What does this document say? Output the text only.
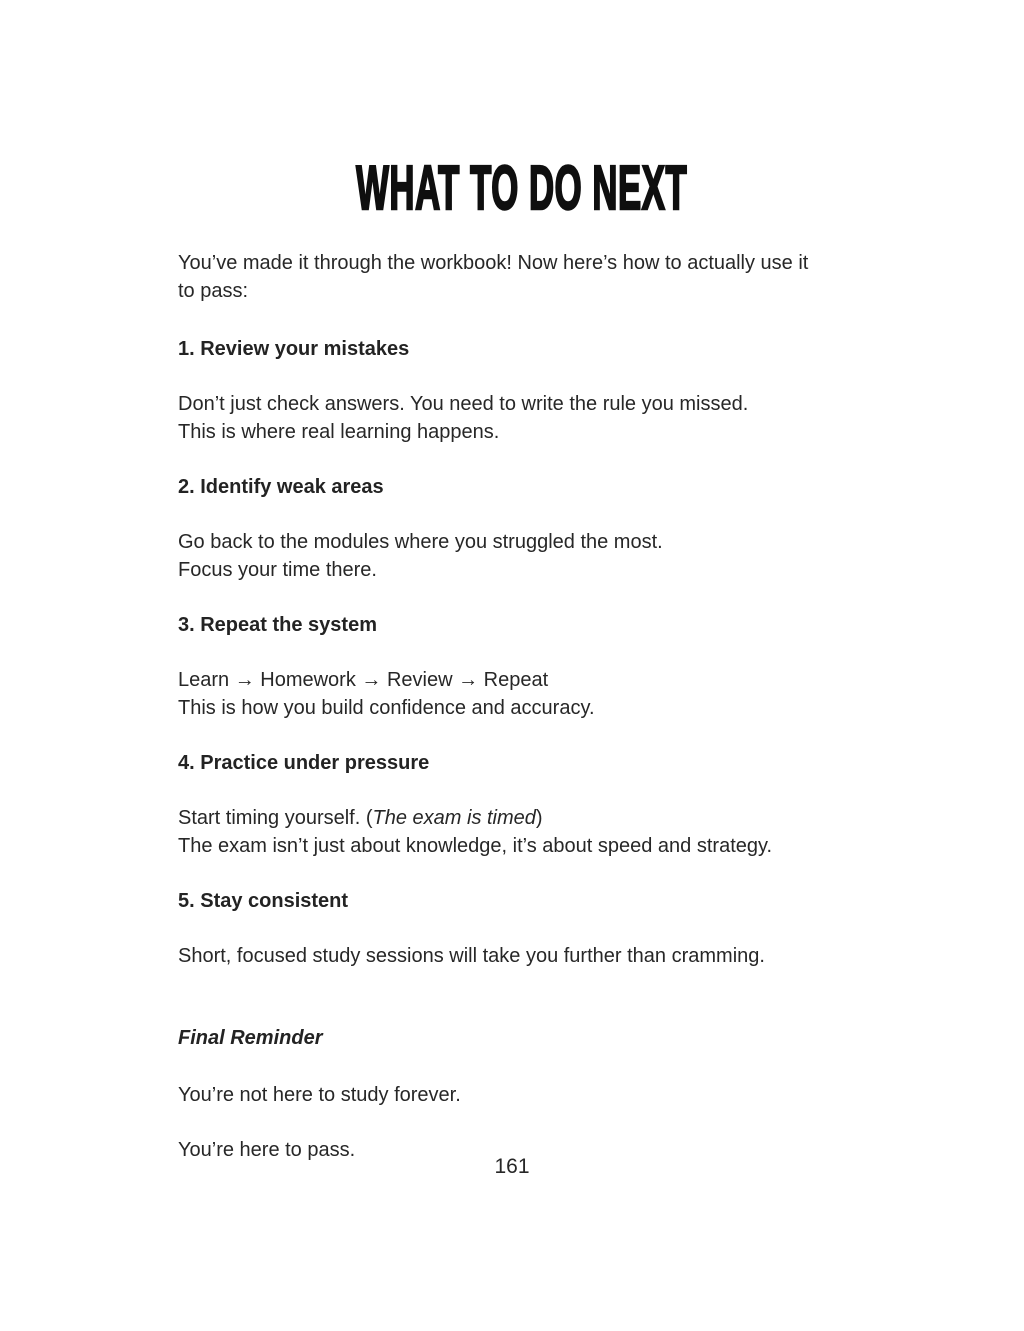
WHAT TO DO NEXT
You’ve made it through the workbook! Now here’s how to actually use it
to pass:
1. Review your mistakes
Don’t just check answers. You need to write the rule you missed.
This is where real learning happens.
2. Identify weak areas
Go back to the modules where you struggled the most.
Focus your time there.
3. Repeat the system
Learn → Homework → Review → Repeat
This is how you build confidence and accuracy.
4. Practice under pressure
Start timing yourself. (The exam is timed)
The exam isn’t just about knowledge, it’s about speed and strategy.
5. Stay consistent
Short, focused study sessions will take you further than cramming.
Final Reminder
You’re not here to study forever.
You’re here to pass.
161
